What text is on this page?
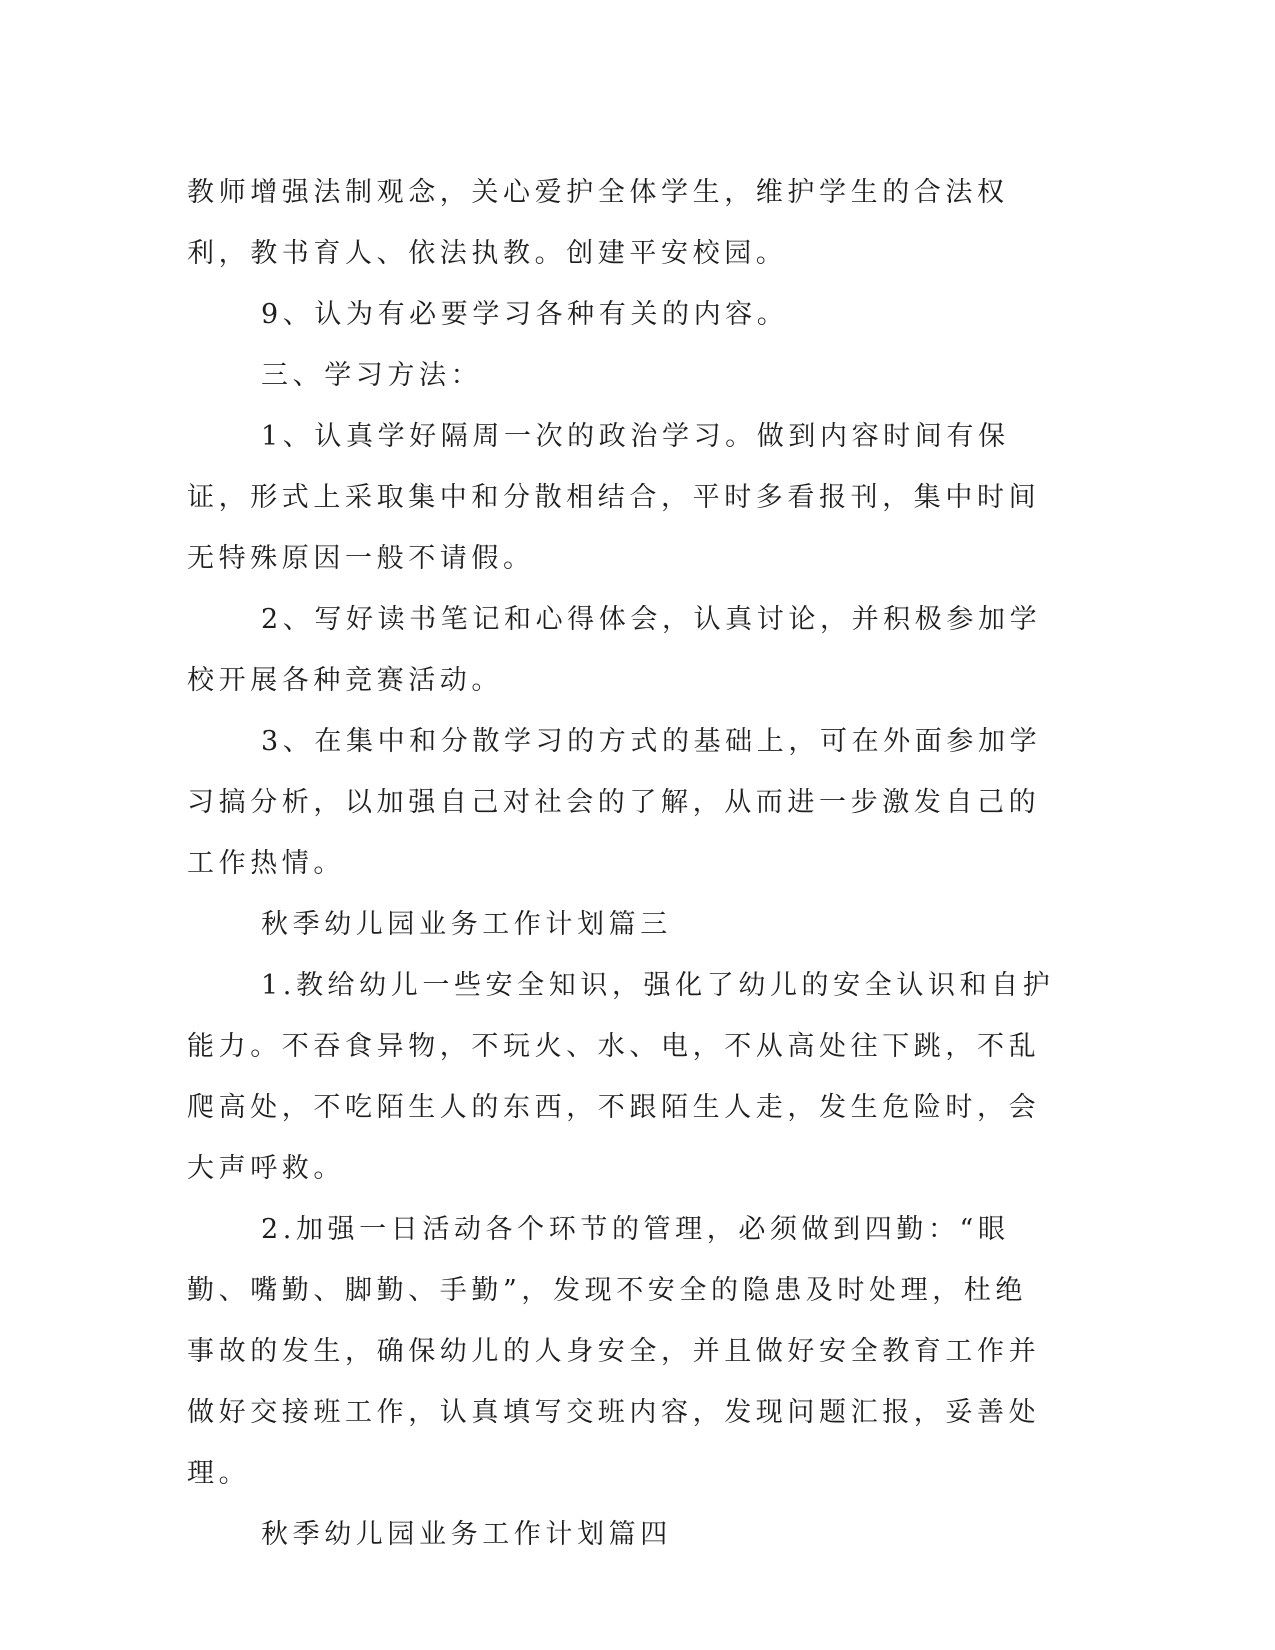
教师增强法制观念，关心爱护全体学生，维护学生的合法权利，教书育人、依法执教。创建平安校园。

9、认为有必要学习各种有关的内容。

三、学习方法：

1、认真学好隔周一次的政治学习。做到内容时间有保证，形式上采取集中和分散相结合，平时多看报刊，集中时间无特殊原因一般不请假。

2、写好读书笔记和心得体会，认真讨论，并积极参加学校开展各种竞赛活动。

3、在集中和分散学习的方式的基础上，可在外面参加学习搞分析，以加强自己对社会的了解，从而进一步激发自己的工作热情。

秋季幼儿园业务工作计划篇三

1.教给幼儿一些安全知识，强化了幼儿的安全认识和自护能力。不吞食异物，不玩火、水、电，不从高处往下跳，不乱爬高处，不吃陌生人的东西，不跟陌生人走，发生危险时，会大声呼救。

2.加强一日活动各个环节的管理，必须做到四勤：“眼勤、嘴勤、脚勤、手勤”，发现不安全的隐患及时处理，杜绝事故的发生，确保幼儿的人身安全，并且做好安全教育工作并做好交接班工作，认真填写交班内容，发现问题汇报，妥善处理。

秋季幼儿园业务工作计划篇四
